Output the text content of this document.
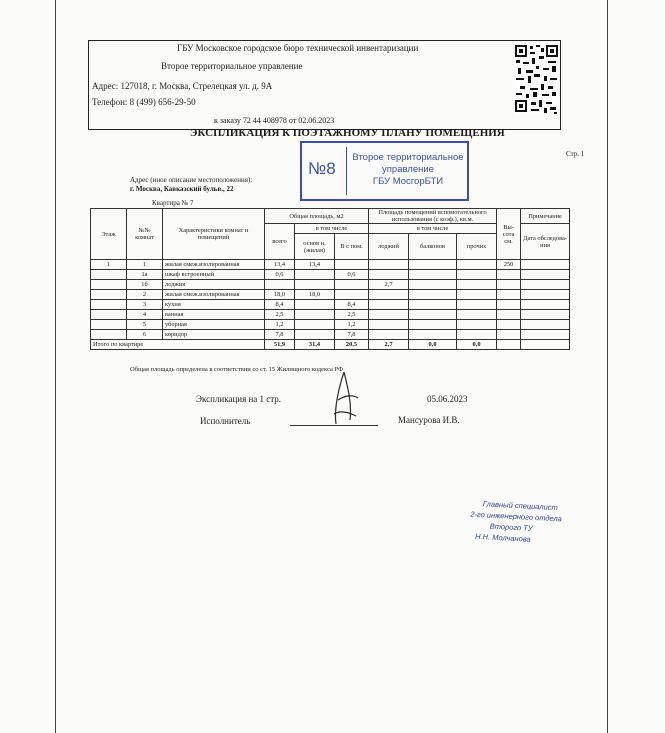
ГБУ Московское городское бюро технической инвентаризации
Второе территориальное управление
Адрес: 127018, г. Москва, Стрелецкая ул. д. 9А
Телефон: 8 (499) 656-29-50
к заказу 72 44 408978 от 02.06.2023
ЭКСПЛИКАЦИЯ К ПОЭТАЖНОМУ ПЛАНУ ПОМЕЩЕНИЯ
Стр. 1
№8
Второе территориальное
управление
ГБУ МосгорБТИ
Адрес (иное описание местоположения):
г. Москва, Кавказский бульв., 22
Квартира № 7
Этаж	№№ комнат	Характеристики комнат и помещений	Общая площадь, м2			Площадь помещений вспомогательного использования (с коэф.), кв.м.			Вы- сота см.	Примечание
			всего	в том числе		в том числе				Дата обследова- ния
				основ н. (жилая)	В с пом.	лоджий	балконов	прочих		
1	1	жилая смеж.изолированная	13,4	13,4					250	
	1а	шкаф встроенный	0,6		0,6					
	1б	лоджия				2,7				
	2	жилая смеж.изолированная	18,0	18,0						
	3	кухня	8,4		8,4					
	4	ванная	2,5		2,5					
	5	уборная	1,2		1,2					
	6	коридор	7,8		7,8					
Итого по квартире			51,9	31,4	20,5	2,7	0,0	0,0		
Общая площадь определена в соответствии со ст. 15 Жилищного кодекса РФ
Экспликация на 1 стр.	05.06.2023
Исполнитель	Мансурова И.В.
Главный специалист
2-го инженерного отдела
Второго ТУ
Н.Н. Молчанова
